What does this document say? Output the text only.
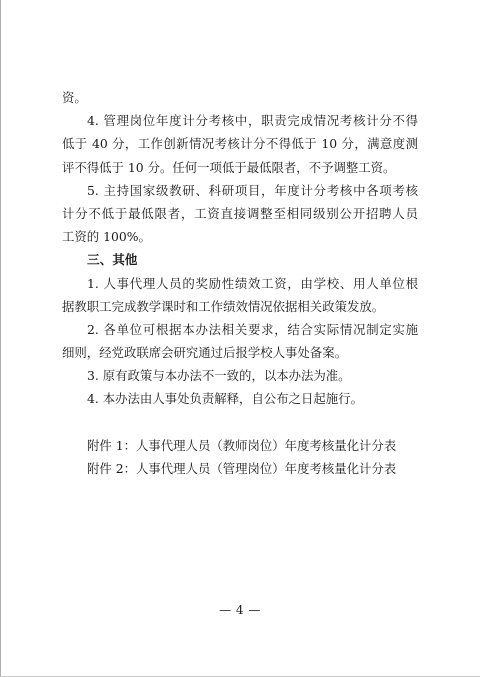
资。
4. 管理岗位年度计分考核中，职责完成情况考核计分不得
低于 40 分，工作创新情况考核计分不得低于 10 分，满意度测
评不得低于 10 分。任何一项低于最低限者，不予调整工资。
5. 主持国家级教研、科研项目，年度计分考核中各项考核
计分不低于最低限者，工资直接调整至相同级别公开招聘人员
工资的 100%。
三、其他
1. 人事代理人员的奖励性绩效工资，由学校、用人单位根
据教职工完成教学课时和工作绩效情况依据相关政策发放。
2. 各单位可根据本办法相关要求，结合实际情况制定实施
细则，经党政联席会研究通过后报学校人事处备案。
3. 原有政策与本办法不一致的，以本办法为准。
4. 本办法由人事处负责解释，自公布之日起施行。
附件 1：人事代理人员（教师岗位）年度考核量化计分表
附件 2：人事代理人员（管理岗位）年度考核量化计分表
— 4 —
